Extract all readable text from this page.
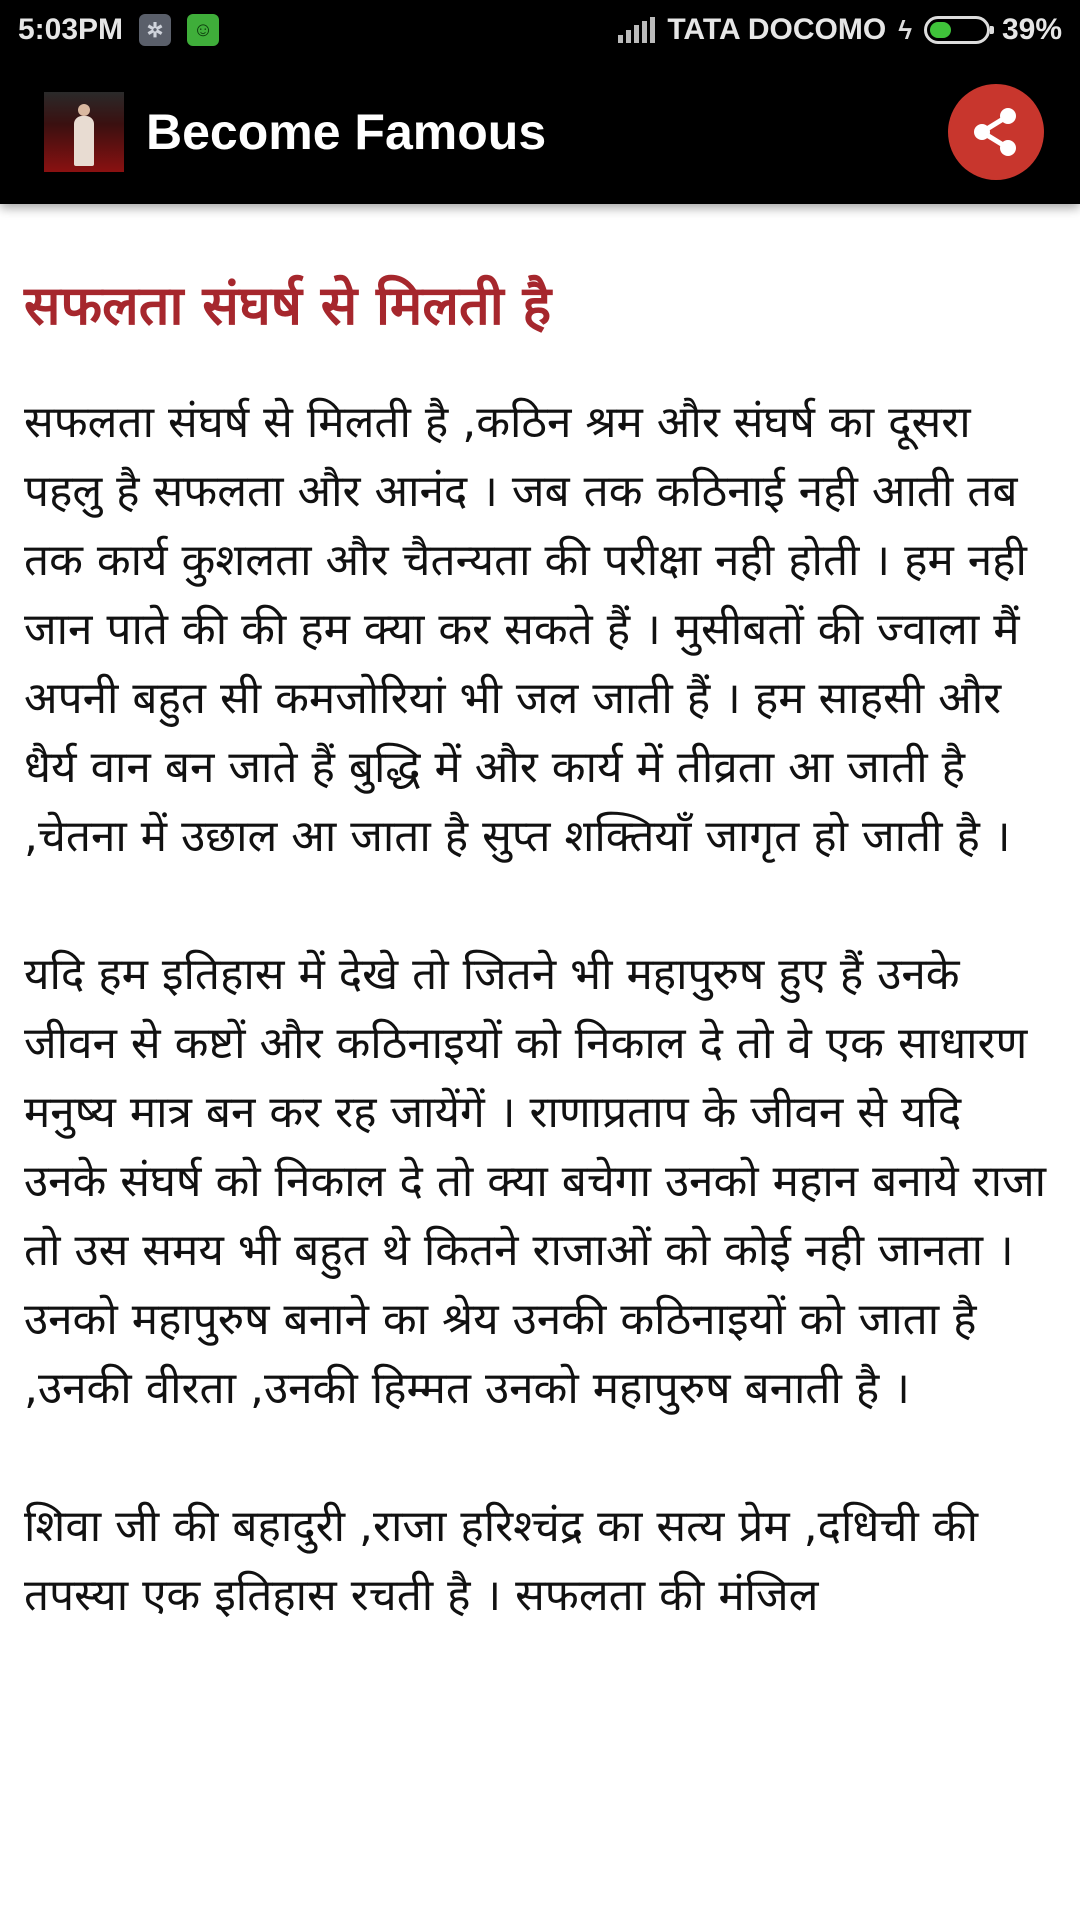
5:03PM	✲	☺	TATA DOCOMO ϟ	39%
Become Famous
सफलता संघर्ष से मिलती है

सफलता संघर्ष से मिलती है ,कठिन श्रम और संघर्ष का दूसरा पहलु है सफलता और आनंद । जब तक कठिनाई नही आती तब तक कार्य कुशलता और चैतन्यता की परीक्षा नही होती । हम नही जान पाते की की हम क्या कर सकते हैं । मुसीबतों की ज्वाला मैं अपनी बहुत सी कमजोरियां भी जल जाती हैं । हम साहसी और धैर्य वान बन जाते हैं बुद्धि में और कार्य में तीव्रता आ जाती है ,चेतना में उछाल आ जाता है सुप्त शक्तियाँ जागृत हो जाती है ।

यदि हम इतिहास में देखे तो जितने भी महापुरुष हुए हैं उनके जीवन से कष्टों और कठिनाइयों को निकाल दे तो वे एक साधारण मनुष्य मात्र बन कर रह जायेंगें । राणाप्रताप के जीवन से यदि उनके संघर्ष को निकाल दे तो क्या बचेगा उनको महान बनाये राजा तो उस समय भी बहुत थे कितने राजाओं को कोई नही जानता । उनको महापुरुष बनाने का श्रेय उनकी कठिनाइयों को जाता है ,उनकी वीरता ,उनकी हिम्मत उनको महापुरुष बनाती है ।

शिवा जी की बहादुरी ,राजा हरिश्चंद्र का सत्य प्रेम ,दधिची की तपस्या एक इतिहास रचती है । सफलता की मंजिल
